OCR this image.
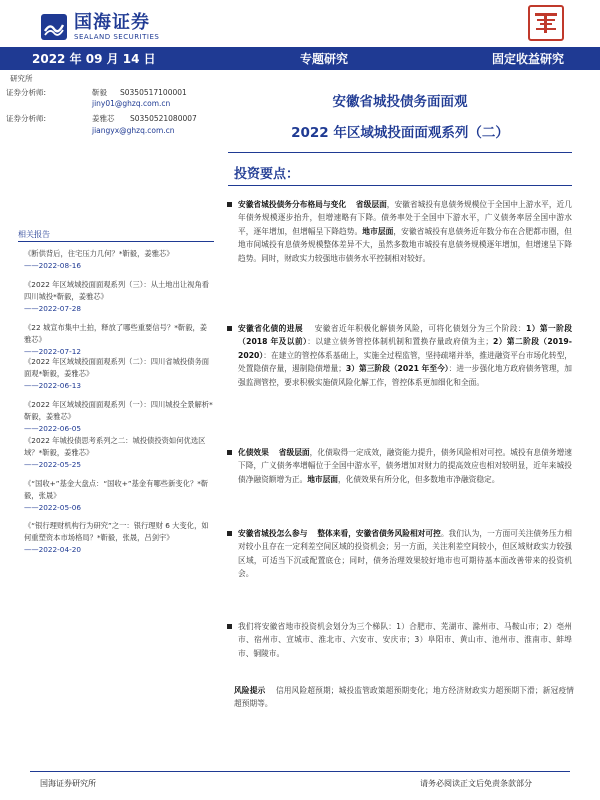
国海证券
SEALAND SECURITIES
2022 年 09 月 14 日	专题研究	固定收益研究
研究所
证券分析师:	靳毅 S0350517100001
jiny01@ghzq.com.cn
证券分析师:	姜雅芯 S0350521080007
jiangyx@ghzq.com.cn
安徽省城投债务面面观
2022 年区域城投面面观系列（二）
投资要点：
相关报告
《断供背后，住宅压力几何？*靳毅，姜雅芯》
——2022-08-16
《2022 年区域城投面面观系列（三）：从土地出让视角看四川城投*靳毅，姜雅芯》
——2022-07-28
《22 城宣布集中土拍，释放了哪些重要信号？*靳毅，姜雅芯》
——2022-07-12
《2022 年区域城投面面观系列（二）：四川省城投债务面面观*靳毅，姜雅芯》
——2022-06-13
《2022 年区域城投面面观系列（一）：四川城投全景解析*靳毅，姜雅芯》
——2022-06-05
《2022 年城投债思考系列之二：城投债投资如何优选区域？*靳毅，姜雅芯》
——2022-05-25
《“国收+”基金大盘点：“国收+”基金有哪些新变化？*靳毅，张晟》
——2022-05-06
《“银行理财机构行为研究”之一：银行理财 6 大变化，如何重塑资本市场格局？*靳毅，张晟，吕剑宇》
——2022-04-20
安徽省城投债务分布格局与变化 省级层面，安徽省城投有息债务规模位于全国中上游水平，近几年债务规模逐步抬升，但增速略有下降。债务率处于全国中下游水平，广义债务率居全国中游水平，逐年增加，但增幅呈下降趋势。地市层面，安徽省城投有息债务近年数分布在合肥都市圈，但地市间城投有息债务规模整体差异不大，虽然多数地市城投有息债务规模逐年增加，但增速呈下降趋势。同时，财政实力较强地市债务水平控制相对较好。
安徽省化债的进展 安徽省近年积极化解债务风险，可将化债划分为三个阶段：1）第一阶段（2018 年及以前）：以建立债务管控体制机制和置换存量政府债为主；2）第二阶段（2019-2020）：在建立的管控体系基础上，实施全过程监管，坚持疏堵并举，推进融资平台市场化转型，处置隐债存量，遏制隐债增量；3）第三阶段（2021 年至今）：进一步强化地方政府债务管理，加强监测管控，要求积极实施债风险化解工作，管控体系更加细化和全面。
化债效果 省级层面，化债取得一定成效，融资能力提升，债务风险相对可控。城投有息债务增速下降，广义债务率增幅位于全国中游水平，债务增加对财力的提高效应也相对较明显，近年来城投债净融资额增为正。地市层面，化债效果有所分化，但多数地市净融资稳定。
安徽省城投怎么参与 整体来看，安徽省债务风险相对可控。我们认为，一方面可关注债务压力相对较小且存在一定利差空间区域的投资机会；另一方面，关注利差空间较小，但区域财政实力较强区域，可适当下沉或配置底仓；同时，债务治理效果较好地市也可期待基本面改善带来的投资机会。
我们将安徽省地市投资机会划分为三个梯队：1）合肥市、芜湖市、滁州市、马鞍山市；2）亳州市、宿州市、宣城市、淮北市、六安市、安庆市；3）阜阳市、黄山市、池州市、淮南市、蚌埠市、铜陵市。
风险提示 信用风险超预期；城投监管政策超预期变化；地方经济财政实力超预期下滑；新冠疫情超预期等。
国海证券研究所	请务必阅读正文后免责条款部分
